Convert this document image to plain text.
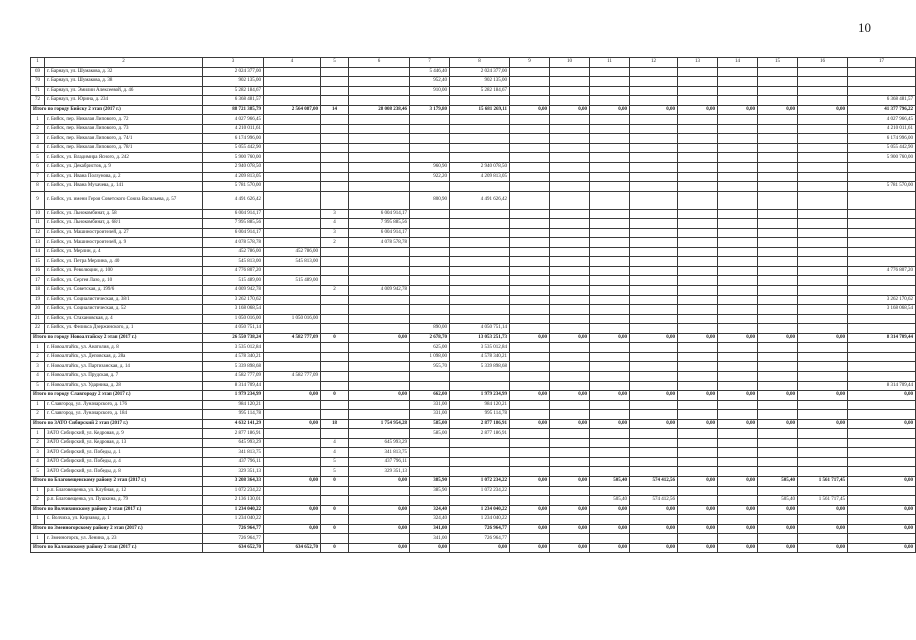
10
1	2	3	4	5	6	7	8	9	10	11	12	13	14	15	16	17
69	г. Барнаул, ул. Шумакова, д. 32	2 024 377,00				5 446,40	2 024 377,00									
70	г. Барнаул, ул. Шумакова, д. 38	902 135,00				952,40	902 135,00									
71	г. Барнаул, ул. Эмилии Алексеевой, д. 46	5 282 184,67				910,00	5 282 184,67									
72	г. Барнаул, ул. Юрина, д. 234	6 368 481,57														6 368 481,57
Итого по городу Бийску 2 этап (2017 г.)		88 721 385,79	2 564 087,00	14	28 008 238,46	3 179,80	15 681 269,11	0,00	0,00	0,00	0,00	0,00	0,00	0,00	0,00	41 377 796,22
1	г. Бийск, пер. Николая Липового, д. 72	4 027 966,45														4 027 966,45
2	г. Бийск, пер. Николая Липового, д. 73	4 210 011,61														4 210 011,61
3	г. Бийск, пер. Николая Липового, д. 74/1	6 174 996,00														6 174 996,00
4	г. Бийск, пер. Николая Липового, д. 78/1	5 055 442,90														5 055 442,90
5	г. Бийск, ул. Владимира Ясного, д. 242	5 900 760,00														5 900 760,00
6	г. Бийск, ул. Декабристов, д. 9	2 940 078,50				960,90	2 940 078,50									
7	г. Бийск, ул. Ивана Ползунова, д. 2	4 209 813,05				922,20	4 209 813,05									
8	г. Бийск, ул. Ивана Мухачева, д. 141	5 781 570,00														5 781 570,00
9	г. Бийск, ул. имени Героя Советского Союза Васильева, д. 57	4 491 626,42				800,90	4 491 626,42									
10	г. Бийск, ул. Льнокомбинат, д. 58	6 004 914,17		3	6 004 914,17											
11	г. Бийск, ул. Льнокомбинат, д. 68/1	7 995 885,56		4	7 995 885,56											
12	г. Бийск, ул. Машиностроителей, д. 27	6 004 914,17		3	6 004 914,17											
13	г. Бийск, ул. Машиностроителей, д. 9	4 078 578,78		2	4 078 578,78											
14	г. Бийск, ул. Мерлин, д. 4	452 786,00	452 786,00													
15	г. Бийск, ул. Петра Мерлина, д. 40	545 813,00	545 813,00													
16	г. Бийск, ул. Революции, д. 100	4 776 807,20														4 776 807,20
17	г. Бийск, ул. Сергея Лазо, д. 10	515 489,00	515 489,00													
18	г. Бийск, ул. Советская, д. 199/6	4 009 942,78		2	4 009 942,78											
19	г. Бийск, ул. Социалистическая, д. 38/1	3 262 170,62														3 262 170,62
20	г. Бийск, ул. Социалистическая, д. 52	3 168 068,54														3 168 068,54
21	г. Бийск, ул. Стахановская, д. 4	1 050 016,00	1 050 016,00													
22	г. Бийск, ул. Феликса Дзержинского, д. 1	4 050 751,14				890,00	4 050 751,14									
Итого по городу Новоалтайску 2 этап (2017 г.)		26 550 738,24	4 582 777,09	0	0,00	2 678,70	13 053 251,73	0,00	0,00	0,00	0,00	0,00	0,00	0,00	0,00	8 314 709,44
1	г. Новоалтайск, ул. Анатолия, д. 8	3 535 012,84				625,00	3 535 012,84									
2	г. Новоалтайск, ул. Деповская, д. 28а	4 578 340,21				1 098,00	4 578 340,21									
3	г. Новоалтайск, ул. Партизанская, д. 14	5 339 898,68				955,70	5 339 898,68									
4	г. Новоалтайск, ул. Прудская, д. 7	4 582 777,09	4 582 777,09													
5	г. Новоалтайск, ул. Ударника, д. 28	8 314 709,44														8 314 709,44
Итого по городу Славгороду 2 этап (2017 г.)		1 979 234,99	0,00	0	0,00	662,00	1 979 234,99	0,00	0,00	0,00	0,00	0,00	0,00	0,00	0,00	0,00
1	г. Славгород, ул. Луначарского, д. 176	984 120,21				331,00	984 120,21									
2	г. Славгород, ул. Луначарского, д. 184	995 114,78				331,00	995 114,78									
Итого по ЗАТО Сибирский 2 этап (2017 г.)		4 632 141,29	0,00	18	1 754 954,28	585,00	2 877 186,91	0,00	0,00	0,00	0,00	0,00	0,00	0,00	0,00	0,00
1	ЗАТО Сибирский, ул. Кедровая, д. 9	2 877 186,91				585,00	2 877 186,91									
2	ЗАТО Сибирский, ул. Кедровая, д. 13	645 993,29		4	645 993,29											
3	ЗАТО Сибирский, ул. Победы, д. 1	341 813,75		4	341 813,75											
4	ЗАТО Сибирский, ул. Победы, д. 4	437 796,11		5	437 796,11											
5	ЗАТО Сибирский, ул. Победы, д. 8	329 351,13		5	329 351,13											
Итого по Благовещенскому району 2 этап (2017 г.)		3 208 364,33	0,00	0	0,00	385,90	1 072 234,22	0,00	0,00	505,40	574 412,56	0,00	0,00	505,40	1 561 717,45	0,00
1	р.п. Благовещенка, ул. Клубная, д. 12	1 072 234,22				385,90	1 072 234,22									
2	р.п. Благовещенка, ул. Пушкина, д. 79	2 136 130,01								505,40	574 412,56			505,40	1 561 717,45	
Итого по Волчихинскому району 2 этап (2017 г.)		1 234 040,22	0,00	0	0,00	324,40	1 234 040,22	0,00	0,00	0,00	0,00	0,00	0,00	0,00	0,00	0,00
1	с. Волчиха, ул. Кирзавод, д. 1	1 234 040,22				324,40	1 234 040,22									
Итого по Змеиногорскому району 2 этап (2017 г.)		726 964,77	0,00	0	0,00	341,00	726 964,77	0,00	0,00	0,00	0,00	0,00	0,00	0,00	0,00	0,00
1	г. Змеиногорск, ул. Ленина, д. 23	726 964,77				341,00	726 964,77									
Итого по Калманскому району 2 этап (2017 г.)		634 652,70	634 652,70	0	0,00	0,00	0,00	0,00	0,00	0,00	0,00	0,00	0,00	0,00	0,00	0,00
